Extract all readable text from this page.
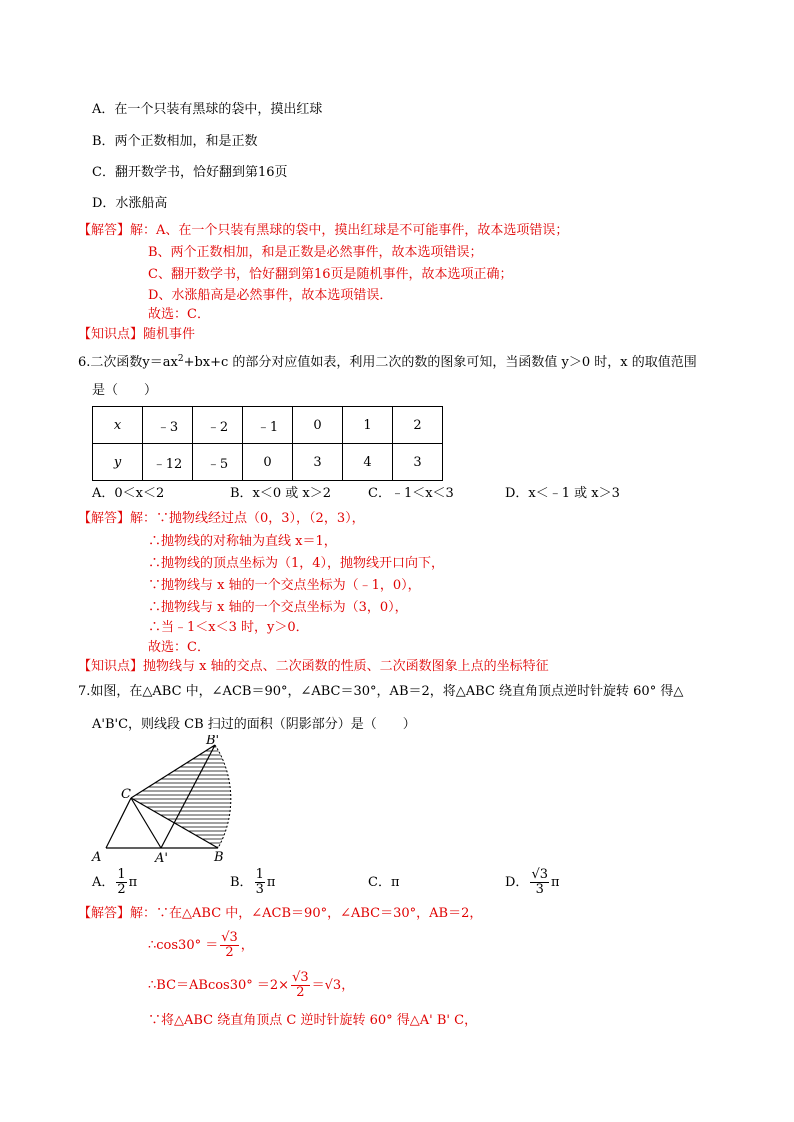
A．在一个只装有黑球的袋中，摸出红球
B．两个正数相加，和是正数
C．翻开数学书，恰好翻到第16页
D．水涨船高
【解答】解：A、在一个只装有黑球的袋中，摸出红球是不可能事件，故本选项错误；
B、两个正数相加，和是正数是必然事件，故本选项错误；
C、翻开数学书，恰好翻到第16页是随机事件，故本选项正确；
D、水涨船高是必然事件，故本选项错误．
故选：C．
【知识点】随机事件
6.二次函数$y=ax^2+bx+c$ 的部分对应值如表，利用二次的数的图象可知，当函数值 y＞0 时，x 的取值范围
是（　　）
x	﹣3	﹣2	﹣1	0	1	2
y	﹣12	﹣5	0	3	4	3
A．0＜x＜2	B．x＜0 或 x＞2	C．﹣1＜x＜3	D．x＜﹣1 或 x＞3
【解答】解：∵抛物线经过点（0，3），（2，3），
∴抛物线的对称轴为直线 x＝1，
∴抛物线的顶点坐标为（1，4），抛物线开口向下，
∵抛物线与 x 轴的一个交点坐标为（﹣1，0），
∴抛物线与 x 轴的一个交点坐标为（3，0），
∴当﹣1＜x＜3 时，y＞0．
故选：C．
【知识点】抛物线与 x 轴的交点、二次函数的性质、二次函数图象上点的坐标特征
7.如图，在△ABC 中，∠ACB＝90°，∠ABC＝30°，AB＝2，将△ABC 绕直角顶点逆时针旋转 60° 得△
A'B'C，则线段 CB 扫过的面积（阴影部分）是（　　）
A	A'	B
B'
C
A． $\frac{1}{2}$ π	B． $\frac{1}{3}$ π	C．π	D． $\frac{√3}{3}$ π
【解答】解：∵在△ABC 中，∠ACB＝90°，∠ABC＝30°，AB＝2，
∴cos30° ＝ $\frac{√3}{2}$ ，
∴BC＝ABcos30° $=2\times \frac{√3}{2} =√3$，
∵将△ABC 绕直角顶点 C 逆时针旋转 60° 得△A' B' C，
